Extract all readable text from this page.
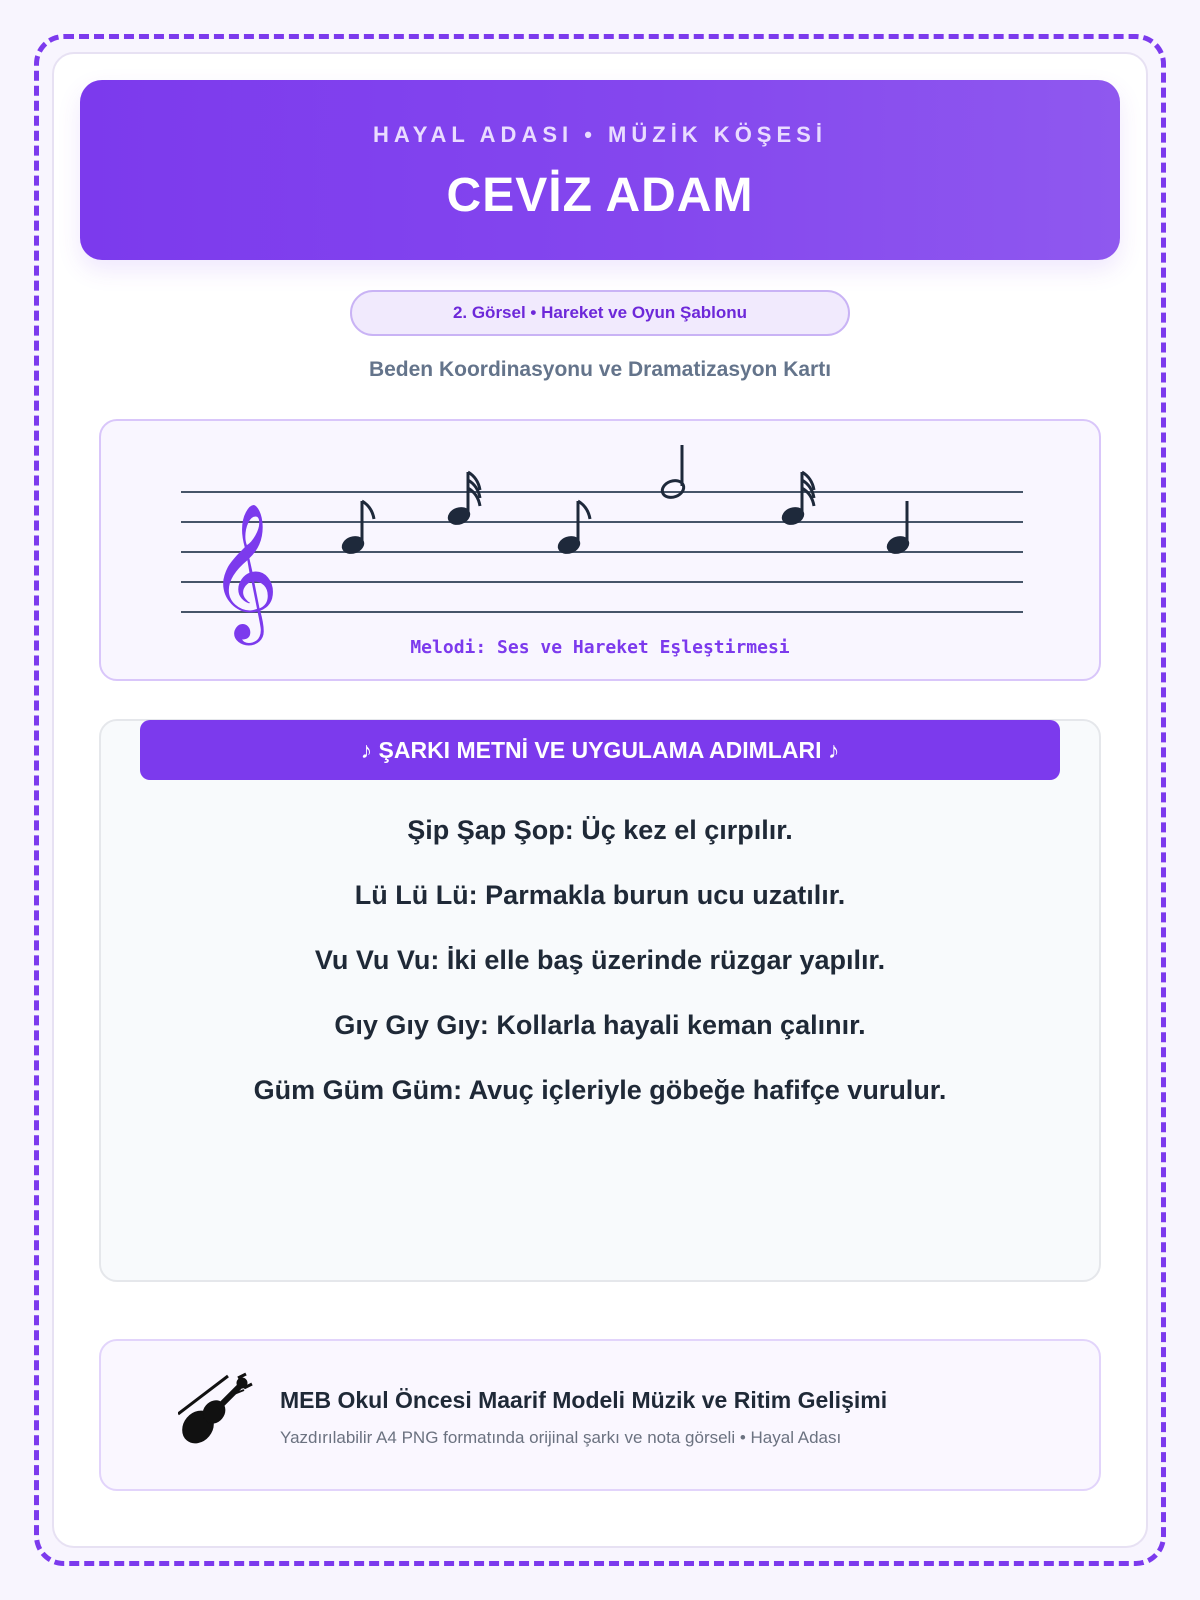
HAYAL ADASI • MÜZİK KÖŞESİ
CEVİZ ADAM
2. Görsel • Hareket ve Oyun Şablonu
Beden Koordinasyonu ve Dramatizasyon Kartı
𝄞
Melodi: Ses ve Hareket Eşleştirmesi
♪ ŞARKI METNİ VE UYGULAMA ADIMLARI ♪
Şip Şap Şop: Üç kez el çırpılır.
Lü Lü Lü: Parmakla burun ucu uzatılır.
Vu Vu Vu: İki elle baş üzerinde rüzgar yapılır.
Gıy Gıy Gıy: Kollarla hayali keman çalınır.
Güm Güm Güm: Avuç içleriyle göbeğe hafifçe vurulur.
MEB Okul Öncesi Maarif Modeli Müzik ve Ritim Gelişimi
Yazdırılabilir A4 PNG formatında orijinal şarkı ve nota görseli • Hayal Adası
